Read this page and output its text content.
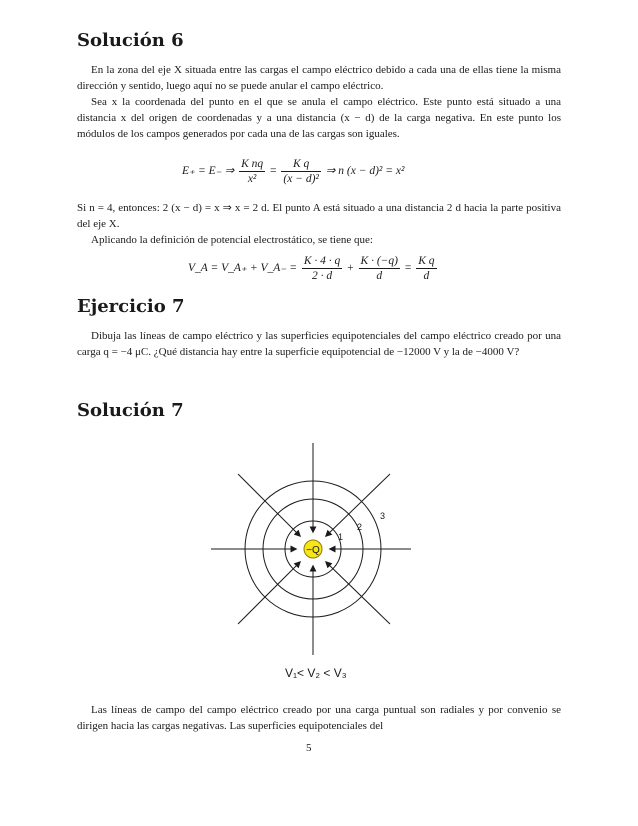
Solución 6

En la zona del eje X situada entre las cargas el campo eléctrico debido a cada una de ellas tiene la misma dirección y sentido, luego aquí no se puede anular el campo eléctrico.

Sea x la coordenada del punto en el que se anula el campo eléctrico. Este punto está situado a una distancia x del origen de coordenadas y a una distancia (x − d) de la carga negativa. En este punto los módulos de los campos generados por cada una de las cargas son iguales.

E₊ = E₋ ⇒ $\frac{\text{K nq}}{\text{x²}} = \frac{\text{K q}}{\text{(x − d)²}}$ ⇒ n (x − d)² = x²

Si n = 4, entonces: 2 (x − d) = x ⇒ x = 2 d. El punto A está situado a una distancia 2 d hacia la parte positiva del eje X.

Aplicando la definición de potencial electrostático, se tiene que:

V_A = V_A₊ + V_A₋ = $\frac{K \cdot 4 \cdot q}{2 \cdot d} + \frac{K \cdot (-q)}{d} = \frac{\text{K q}}{d}$
Ejercicio 7

Dibuja las líneas de campo eléctrico y las superficies equipotenciales del campo eléctrico creado por una carga q = −4 μC. ¿Qué distancia hay entre la superficie equipotencial de −12000 V y la de −4000 V?

Solución 7
−Q
1
2
3
V₁< V₂ < V₃

Las líneas de campo del campo eléctrico creado por una carga puntual son radiales y por convenio se dirigen hacia las cargas negativas. Las superficies equipotenciales del

5
